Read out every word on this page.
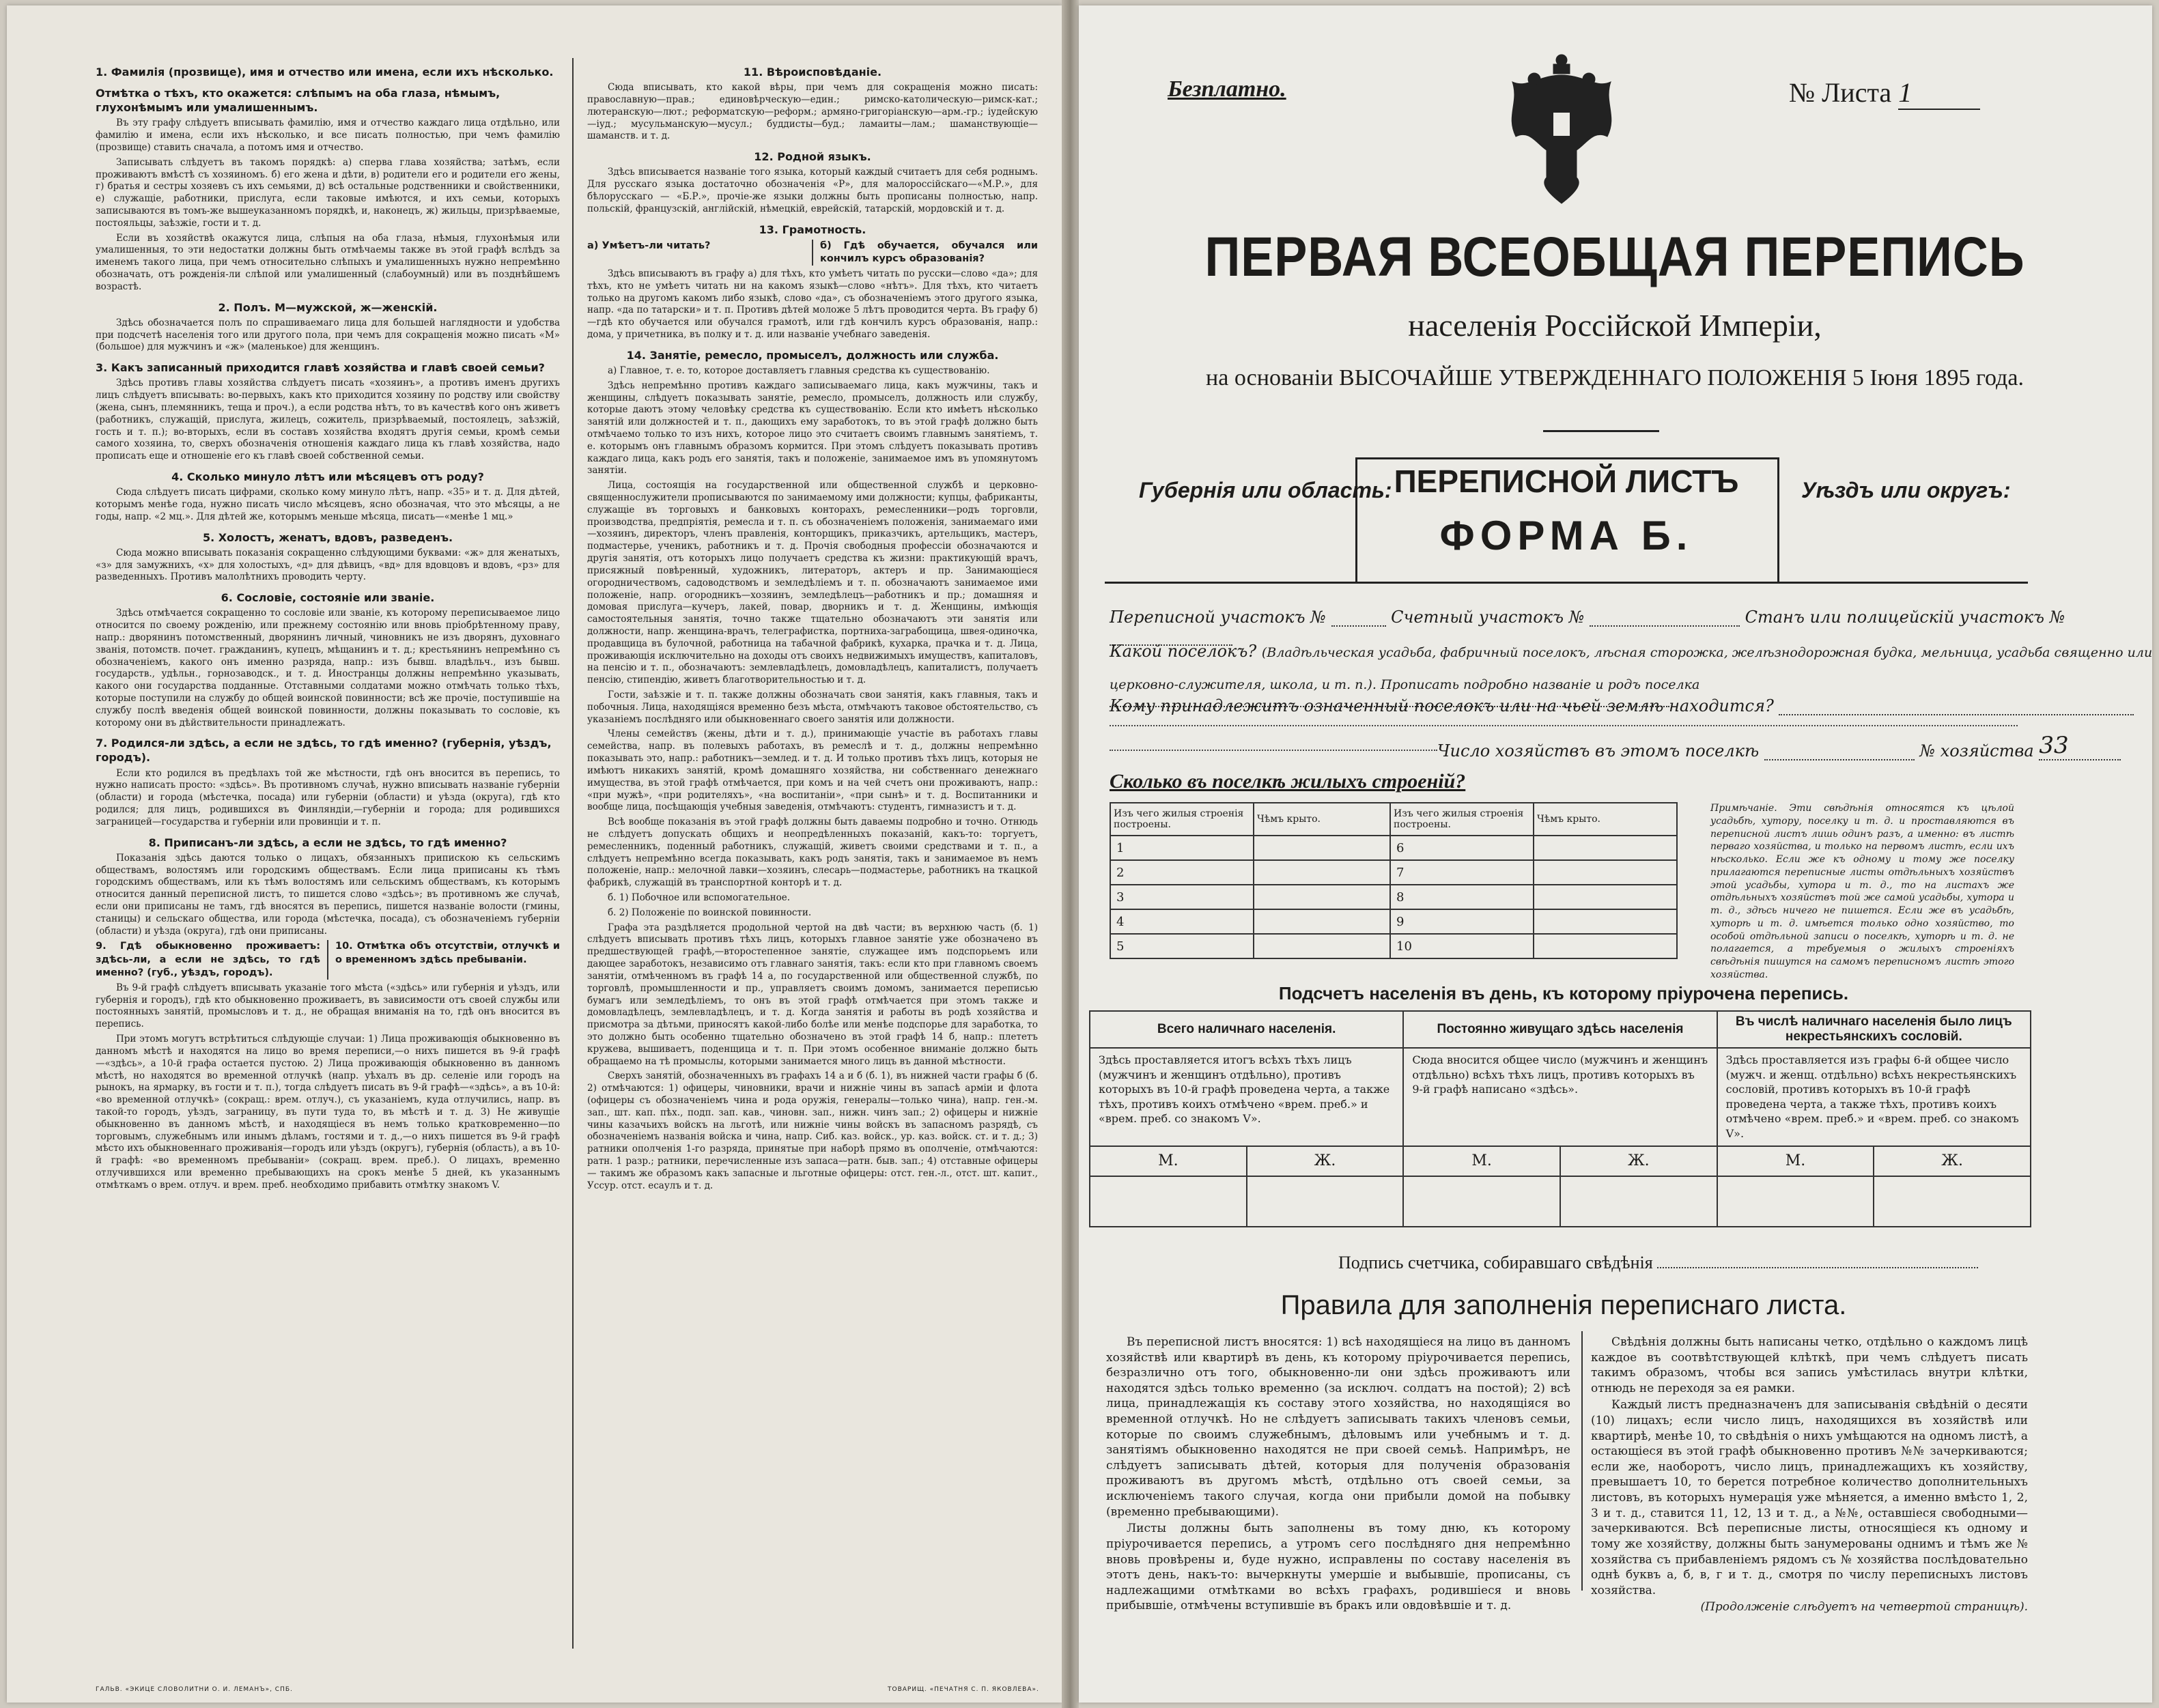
1. Фамилія (прозвище), имя и отчество или имена, если ихъ нѣсколько.
Отмѣтка о тѣхъ, кто окажется: слѣпымъ на оба глаза, нѣмымъ, глухонѣмымъ или умалишеннымъ.

Въ эту графу слѣдуетъ вписывать фамилію, имя и отчество каждаго лица отдѣльно, или фамилію и имена, если ихъ нѣсколько, и все писать полностью, при чемъ фамилію (прозвище) ставить сначала, а потомъ имя и отчество.

Записывать слѣдуетъ въ такомъ порядкѣ: а) сперва глава хозяйства; затѣмъ, если проживаютъ вмѣстѣ съ хозяиномъ. б) его жена и дѣти, в) родители его и родители его жены, г) братья и сестры хозяевъ съ ихъ семьями, д) всѣ остальные родственники и свойственники, е) служащіе, работники, прислуга, если таковые имѣются, и ихъ семьи, которыхъ записываются въ томъ-же вышеуказанномъ порядкѣ, и, наконецъ, ж) жильцы, призрѣваемые, постояльцы, заѣзжіе, гости и т. д.

Если въ хозяйствѣ окажутся лица, слѣпыя на оба глаза, нѣмыя, глухонѣмыя или умалишенныя, то эти недостатки должны быть отмѣчаемы также въ этой графѣ вслѣдъ за именемъ такого лица, при чемъ относительно слѣпыхъ и умалишенныхъ нужно непремѣнно обозначать, отъ рожденія-ли слѣпой или умалишенный (слабоумный) или въ позднѣйшемъ возрастѣ.

2. Полъ. М—мужской, ж—женскій.

Здѣсь обозначается полъ по спрашиваемаго лица для большей наглядности и удобства при подсчетѣ населенія того или другого пола, при чемъ для сокращенія можно писать «М» (большое) для мужчинъ и «ж» (маленькое) для женщинъ.

3. Какъ записанный приходится главѣ хозяйства и главѣ своей семьи?

Здѣсь противъ главы хозяйства слѣдуетъ писать «хозяинъ», а противъ именъ другихъ лицъ слѣдуетъ вписывать: во-первыхъ, какъ кто приходится хозяину по родству или свойству (жена, сынъ, племянникъ, теща и проч.), а если родства нѣтъ, то въ качествѣ кого онъ живетъ (работникъ, служащій, прислуга, жилецъ, сожитель, призрѣваемый, постоялецъ, заѣзжій, гость и т. п.); во-вторыхъ, если въ составъ хозяйства входятъ другія семьи, кромѣ семьи самого хозяина, то, сверхъ обозначенія отношенія каждаго лица къ главѣ хозяйства, надо прописать еще и отношеніе его къ главѣ своей собственной семьи.

4. Сколько минуло лѣтъ или мѣсяцевъ отъ роду?

Сюда слѣдуетъ писать цифрами, сколько кому минуло лѣтъ, напр. «35» и т. д. Для дѣтей, которымъ менѣе года, нужно писать число мѣсяцевъ, ясно обозначая, что это мѣсяцы, а не годы, напр. «2 мц.». Для дѣтей же, которымъ меньше мѣсяца, писать—«менѣе 1 мц.»

5. Холостъ, женатъ, вдовъ, разведенъ.

Сюда можно вписывать показанія сокращенно слѣдующими буквами: «ж» для женатыхъ, «з» для замужнихъ, «х» для холостыхъ, «д» для дѣвицъ, «вд» для вдовцовъ и вдовъ, «рз» для разведенныхъ. Противъ малолѣтнихъ проводить черту.

6. Сословіе, состояніе или званіе.

Здѣсь отмѣчается сокращенно то сословіе или званіе, къ которому переписываемое лицо относится по своему рожденію, или прежнему состоянію или вновь пріобрѣтенному праву, напр.: дворянинъ потомственный, дворянинъ личный, чиновникъ не изъ дворянъ, духовнаго званія, потомств. почет. гражданинъ, купецъ, мѣщанинъ и т. д.; крестьянинъ непремѣнно съ обозначеніемъ, какого онъ именно разряда, напр.: изъ бывш. владѣльч., изъ бывш. государств., удѣльн., горнозаводск., и т. д. Иностранцы должны непремѣнно указывать, какого они государства подданные. Отставными солдатами можно отмѣчать только тѣхъ, которые поступили на службу до общей воинской повинности; всѣ же прочіе, поступившіе на службу послѣ введенія общей воинской повинности, должны показывать то сословіе, къ которому они въ дѣйствительности принадлежатъ.

7. Родился-ли здѣсь, а если не здѣсь, то гдѣ именно? (губернія, уѣздъ, городъ).

Если кто родился въ предѣлахъ той же мѣстности, гдѣ онъ вносится въ перепись, то нужно написать просто: «здѣсь». Въ противномъ случаѣ, нужно вписывать названіе губерніи (области) и города (мѣстечка, посада) или губерніи (области) и уѣзда (округа), гдѣ кто родился; для лицъ, родившихся въ Финляндіи,—губерніи и города; для родившихся заграницей—государства и губерніи или провинціи и т. п.

8. Приписанъ-ли здѣсь, а если не здѣсь, то гдѣ именно?

Показанія здѣсь даются только о лицахъ, обязанныхъ припискою къ сельскимъ обществамъ, волостямъ или городскимъ обществамъ. Если лица приписаны къ тѣмъ городскимъ обществамъ, или къ тѣмъ волостямъ или сельскимъ обществамъ, къ которымъ относится данный переписной листъ, то пишется слово «здѣсь»; въ противномъ же случаѣ, если они приписаны не тамъ, гдѣ вносятся въ перепись, пишется названіе волости (гмины, станицы) и сельскаго общества, или города (мѣстечка, посада), съ обозначеніемъ губерніи (области) и уѣзда (округа), гдѣ они приписаны.

9. Гдѣ обыкновенно проживаетъ: здѣсь-ли, а если не здѣсь, то гдѣ именно? (губ., уѣздъ, городъ).
10. Отмѣтка объ отсутствіи, отлучкѣ и о временномъ здѣсь пребываніи.

Въ 9-й графѣ слѣдуетъ вписывать указаніе того мѣста («здѣсь» или губернія и уѣздъ, или губернія и городъ), гдѣ кто обыкновенно проживаетъ, въ зависимости отъ своей службы или постоянныхъ занятій, промысловъ и т. д., не обращая вниманія на то, гдѣ онъ вносится въ перепись.

При этомъ могутъ встрѣтиться слѣдующіе случаи: 1) Лица проживающія обыкновенно въ данномъ мѣстѣ и находятся на лицо во время переписи,—о нихъ пишется въ 9-й графѣ—«здѣсь», а 10-й графа остается пустою. 2) Лица проживающія обыкновенно въ данномъ мѣстѣ, но находятся во временной отлучкѣ (напр. уѣхалъ въ др. селеніе или городъ на рынокъ, на ярмарку, въ гости и т. п.), тогда слѣдуетъ писать въ 9-й графѣ—«здѣсь», а въ 10-й: «во временной отлучкѣ» (сокращ.: врем. отлуч.), съ указаніемъ, куда отлучились, напр. въ такой-то городъ, уѣздъ, заграницу, въ пути туда то, въ мѣстѣ и т. д. 3) Не живущіе обыкновенно въ данномъ мѣстѣ, и находящіеся въ немъ только кратковременно—по торговымъ, служебнымъ или инымъ дѣламъ, гостями и т. д.,—о нихъ пишется въ 9-й графѣ мѣсто ихъ обыкновеннаго проживанія—городъ или уѣздъ (округъ), губернія (область), а въ 10-й графѣ: «во временномъ пребываніи» (сокращ. врем. преб.). О лицахъ, временно отлучившихся или временно пребывающихъ на срокъ менѣе 5 дней, къ указаннымъ отмѣткамъ о врем. отлуч. и врем. преб. необходимо прибавить отмѣтку знакомъ V.

11. Вѣроисповѣданіе.

Сюда вписывать, кто какой вѣры, при чемъ для сокращенія можно писать: православную—прав.; единовѣрческую—един.; римско-католическую—римск-кат.; лютеранскую—лют.; реформатскую—реформ.; армяно-григоріанскую—арм.-гр.; іудейскую—іуд.; мусульманскую—мусул.; буддисты—буд.; ламаиты—лам.; шаманствующіе—шаманств. и т. д.

12. Родной языкъ.

Здѣсь вписывается названіе того языка, который каждый считаетъ для себя роднымъ. Для русскаго языка достаточно обозначенія «Р», для малороссійскаго—«М.Р.», для бѣлорусскаго — «Б.Р.», прочіе-же языки должны быть прописаны полностью, напр. польскій, французскій, англійскій, нѣмецкій, еврейскій, татарскій, мордовскій и т. д.

13. Грамотность.
а) Умѣетъ-ли читать?	б) Гдѣ обучается, обучался или кончилъ курсъ образованія?

Здѣсь вписываютъ въ графу а) для тѣхъ, кто умѣетъ читать по русски—слово «да»; для тѣхъ, кто не умѣетъ читать ни на какомъ языкѣ—слово «нѣтъ». Для тѣхъ, кто читаетъ только на другомъ какомъ либо языкѣ, слово «да», съ обозначеніемъ этого другого языка, напр. «да по татарски» и т. п. Противъ дѣтей моложе 5 лѣтъ проводится черта. Въ графу б)—гдѣ кто обучается или обучался грамотѣ, или гдѣ кончилъ курсъ образованія, напр.: дома, у причетника, въ полку и т. д. или названіе учебнаго заведенія.

14. Занятіе, ремесло, промыселъ, должность или служба.

а) Главное, т. е. то, которое доставляетъ главныя средства къ существованію.

Здѣсь непремѣнно противъ каждаго записываемаго лица, какъ мужчины, такъ и женщины, слѣдуетъ показывать занятіе, ремесло, промыселъ, должность или службу, которые даютъ этому человѣку средства къ существованію. Если кто имѣетъ нѣсколько занятій или должностей и т. п., дающихъ ему заработокъ, то въ этой графѣ должно быть отмѣчаемо только то изъ нихъ, которое лицо это считаетъ своимъ главнымъ занятіемъ, т. е. которымъ онъ главнымъ образомъ кормится. При этомъ слѣдуетъ показывать противъ каждаго лица, какъ родъ его занятія, такъ и положеніе, занимаемое имъ въ упомянутомъ занятіи.

Лица, состоящія на государственной или общественной службѣ и церковно-священнослужители прописываются по занимаемому ими должности; купцы, фабриканты, служащіе въ торговыхъ и банковыхъ конторахъ, ремесленники—родъ торговли, производства, предпріятія, ремесла и т. п. съ обозначеніемъ положенія, занимаемаго ими—хозяинъ, директоръ, членъ правленія, конторщикъ, приказчикъ, артельщикъ, мастеръ, подмастерье, ученикъ, работникъ и т. д. Прочія свободныя профессіи обозначаются и другія занятія, отъ которыхъ лицо получаетъ средства къ жизни: практикующій врачъ, присяжный повѣренный, художникъ, литераторъ, актеръ и пр. Занимающіеся огородничествомъ, садоводствомъ и земледѣліемъ и т. п. обозначаютъ занимаемое ими положеніе, напр. огородникъ—хозяинъ, земледѣлецъ—работникъ и пр.; домашняя и домовая прислуга—кучеръ, лакей, повар, дворникъ и т. д. Женщины, имѣющія самостоятельныя занятія, точно также тщательно обозначаютъ эти занятія или должности, напр. женщина-врачъ, телеграфистка, портниха-заграбощица, швея-одиночка, продавщица въ булочной, работница на табачной фабрикѣ, кухарка, прачка и т. д. Лица, проживающія исключительно на доходы отъ своихъ недвижимыхъ имуществъ, капиталовъ, на пенсію и т. п., обозначаютъ: землевладѣлецъ, домовладѣлецъ, капиталистъ, получаетъ пенсію, стипендію, живетъ благотворительностью и т. д.

Гости, заѣзжіе и т. п. также должны обозначать свои занятія, какъ главныя, такъ и побочныя. Лица, находящіяся временно безъ мѣста, отмѣчаютъ таковое обстоятельство, съ указаніемъ послѣдняго или обыкновеннаго своего занятія или должности.

Члены семействъ (жены, дѣти и т. д.), принимающіе участіе въ работахъ главы семейства, напр. въ полевыхъ работахъ, въ ремеслѣ и т. д., должны непремѣнно показывать это, напр.: работникъ—землед. и т. д. И только противъ тѣхъ лицъ, которыя не имѣютъ никакихъ занятій, кромѣ домашняго хозяйства, ни собственнаго денежнаго имущества, въ этой графѣ отмѣчается, при комъ и на чей счетъ они проживаютъ, напр.: «при мужѣ», «при родителяхъ», «на воспитаніи», «при сынѣ» и т. д. Воспитанники и вообще лица, посѣщающія учебныя заведенія, отмѣчаютъ: студентъ, гимназистъ и т. д.

Всѣ вообще показанія въ этой графѣ должны быть даваемы подробно и точно. Отнюдь не слѣдуетъ допускать общихъ и неопредѣленныхъ показаній, какъ-то: торгуетъ, ремесленникъ, поденный работникъ, служащій, живетъ своими средствами и т. п., а слѣдуетъ непремѣнно всегда показывать, какъ родъ занятія, такъ и занимаемое въ немъ положеніе, напр.: мелочной лавки—хозяинъ, слесарь—подмастерье, работникъ на ткацкой фабрикѣ, служащій въ транспортной конторѣ и т. д.

б. 1) Побочное или вспомогательное.

б. 2) Положеніе по воинской повинности.

Графа эта раздѣляется продольной чертой на двѣ части; въ верхнюю часть (б. 1) слѣдуетъ вписывать противъ тѣхъ лицъ, которыхъ главное занятіе уже обозначено въ предшествующей графѣ,—второстепенное занятіе, служащее имъ подспорьемъ или дающее заработокъ, независимо отъ главнаго занятія, такъ: если кто при главномъ своемъ занятіи, отмѣченномъ въ графѣ 14 а, по государственной или общественной службѣ, по торговлѣ, промышленности и пр., управляетъ своимъ домомъ, занимается переписью бумагъ или земледѣліемъ, то онъ въ этой графѣ отмѣчается при этомъ также и домовладѣлецъ, землевладѣлецъ, и т. д. Когда занятія и работы въ родѣ хозяйства и присмотра за дѣтьми, приносятъ какой-либо болѣе или менѣе подспорье для заработка, то это должно быть особенно тщательно обозначено въ этой графѣ 14 б, напр.: плететъ кружева, вышиваетъ, поденщица и т. п. При этомъ особенное вниманіе должно быть обращаемо на тѣ промыслы, которыми занимается много лицъ въ данной мѣстности.

Сверхъ занятій, обозначенныхъ въ графахъ 14 а и б (б. 1), въ нижней части графы б (б. 2) отмѣчаются: 1) офицеры, чиновники, врачи и нижніе чины въ запасѣ арміи и флота (офицеры съ обозначеніемъ чина и рода оружія, генералы—только чина), напр. ген.-м. зап., шт. кап. пѣх., подп. зап. кав., чиновн. зап., нижн. чинъ зап.; 2) офицеры и нижніе чины казачьихъ войскъ на льготѣ, или нижніе чины войскъ въ запасномъ разрядѣ, съ обозначеніемъ названія войска и чина, напр. Сиб. каз. войск., ур. каз. войск. ст. и т. д.; 3) ратники ополченія 1-го разряда, принятые при наборѣ прямо въ ополченіе, отмѣчаются: ратн. 1 разр.; ратники, перечисленные изъ запаса—ратн. быв. зап.; 4) отставные офицеры — такимъ же образомъ какъ запасные и льготные офицеры: отст. ген.-л., отст. шт. капит., Уссур. отст. есаулъ и т. д.

ГАЛЬВ. «ЭКИЦЕ СЛОВОЛИТНИ О. И. ЛЕМАНЪ», СПБ.	ТОВАРИЩ. «ПЕЧАТНЯ С. П. ЯКОВЛЕВА».
Безплатно.	№ Листа 1
ПЕРВАЯ ВСЕОБЩАЯ ПЕРЕПИСЬ
населенія Россійской Имперіи,
на основаніи ВЫСОЧАЙШЕ УТВЕРЖДЕННАГО ПОЛОЖЕНІЯ 5 Іюня 1895 года.
Губернія или область: ПЕРЕПИСНОЙ ЛИСТЪ
ФОРМА Б.
Уѣздъ или округъ:
Переписной участокъ №	Счетный участокъ №	Станъ или полицейскій участокъ №
Какой поселокъ? (Владѣльческая усадьба, фабричный поселокъ, лѣсная сторожка, желѣзнодорожная будка, мельница, усадьба священно или
церковно-служителя, школа, и т. п.). Прописать подробно названіе и родъ поселка
Кому принадлежитъ означенный поселокъ или на чьей землѣ находится?
Число хозяйствъ въ этомъ поселкѣ	№ хозяйства 33
Сколько въ поселкѣ жилыхъ строеній?
Изъ чего жилыя строенія построены.	Чѣмъ крыто.	Изъ чего жилыя строенія построены.	Чѣмъ крыто.
1		6	
2		7	
3		8	
4		9	
5		10	
Примѣчаніе. Эти свѣдѣнія относятся къ цѣлой усадьбѣ, хутору, поселку и т. д. и проставляются въ переписной листъ лишь одинъ разъ, а именно: въ листѣ перваго хозяйства, и только на первомъ листѣ, если ихъ нѣсколько. Если же къ одному и тому же поселку прилагаются переписные листы отдѣльныхъ хозяйствъ этой усадьбы, хутора и т. д., то на листахъ же отдѣльныхъ хозяйствъ той же самой усадьбы, хутора и т. д., здѣсь ничего не пишется. Если же въ усадьбѣ, хуторѣ и т. д. имѣется только одно хозяйство, то особой отдѣльной записи о поселкѣ, хуторѣ и т. д. не полагается, а требуемыя о жилыхъ строеніяхъ свѣдѣнія пишутся на самомъ переписномъ листѣ этого хозяйства.
Подсчетъ населенія въ день, къ которому пріурочена перепись.
Всего наличнаго населенія.		Постоянно живущаго здѣсь населенія		Въ числѣ наличнаго населенія было лицъ некрестьянскихъ сословій.	
Здѣсь проставляется итогъ всѣхъ тѣхъ лицъ (мужчинъ и женщинъ отдѣльно), противъ которыхъ въ 10-й графѣ проведена черта, а также тѣхъ, противъ коихъ отмѣчено «врем. преб.» и «врем. преб. со знакомъ V».		Сюда вносится общее число (мужчинъ и женщинъ отдѣльно) всѣхъ тѣхъ лицъ, противъ которыхъ въ 9-й графѣ написано «здѣсь».		Здѣсь проставляется изъ графы 6-й общее число (мужч. и женщ. отдѣльно) всѣхъ некрестьянскихъ сословій, противъ которыхъ въ 10-й графѣ проведена черта, а также тѣхъ, противъ коихъ отмѣчено «врем. преб.» и «врем. преб. со знакомъ V».	
М.	Ж.	М.	Ж.	М.	Ж.

Подпись счетчика, собиравшаго свѣдѣнія
Правила для заполненія переписнаго листа.

Въ переписной листъ вносятся: 1) всѣ находящіеся на лицо въ данномъ хозяйствѣ или квартирѣ въ день, къ которому пріурочивается перепись, безразлично отъ того, обыкновенно-ли они здѣсь проживаютъ или находятся здѣсь только временно (за исключ. солдатъ на постой); 2) всѣ лица, принадлежащія къ составу этого хозяйства, но находящіяся во временной отлучкѣ. Но не слѣдуетъ записывать такихъ членовъ семьи, которые по своимъ служебнымъ, дѣловымъ или учебнымъ и т. д. занятіямъ обыкновенно находятся не при своей семьѣ. Напримѣръ, не слѣдуетъ записывать дѣтей, которыя для полученія образованія проживаютъ въ другомъ мѣстѣ, отдѣльно отъ своей семьи, за исключеніемъ такого случая, когда они прибыли домой на побывку (временно пребывающими).

Листы должны быть заполнены въ тому дню, къ которому пріурочивается перепись, а утромъ сего послѣдняго дня непремѣнно вновь провѣрены и, буде нужно, исправлены по составу населенія въ этотъ день, накъ-то: вычеркнуты умершіе и выбывшіе, прописаны, съ надлежащими отмѣтками во всѣхъ графахъ, родившіеся и вновь прибывшіе, отмѣчены вступившіе въ бракъ или овдовѣвшіе и т. д.

Свѣдѣнія должны быть написаны четко, отдѣльно о каждомъ лицѣ каждое въ соотвѣтствующей клѣткѣ, при чемъ слѣдуетъ писать такимъ образомъ, чтобы вся запись умѣстилась внутри клѣтки, отнюдь не переходя за ея рамки.

Каждый листъ предназначенъ для записыванія свѣдѣній о десяти (10) лицахъ; если число лицъ, находящихся въ хозяйствѣ или квартирѣ, менѣе 10, то свѣдѣнія о нихъ умѣщаются на одномъ листѣ, а остающіеся въ этой графѣ обыкновенно противъ №№ зачеркиваются; если же, наоборотъ, число лицъ, принадлежащихъ къ хозяйству, превышаетъ 10, то берется потребное количество дополнительныхъ листовъ, въ которыхъ нумерація уже мѣняется, а именно вмѣсто 1, 2, 3 и т. д., ставится 11, 12, 13 и т. д., а №№, оставшіеся свободными—зачеркиваются. Всѣ переписные листы, относящіеся къ одному и тому же хозяйству, должны быть занумерованы однимъ и тѣмъ же № хозяйства съ прибавленіемъ рядомъ съ № хозяйства послѣдовательно однѣ буквъ а, б, в, г и т. д., смотря по числу переписныхъ листовъ хозяйства.

(Продолженіе слѣдуетъ на четвертой страницѣ).
